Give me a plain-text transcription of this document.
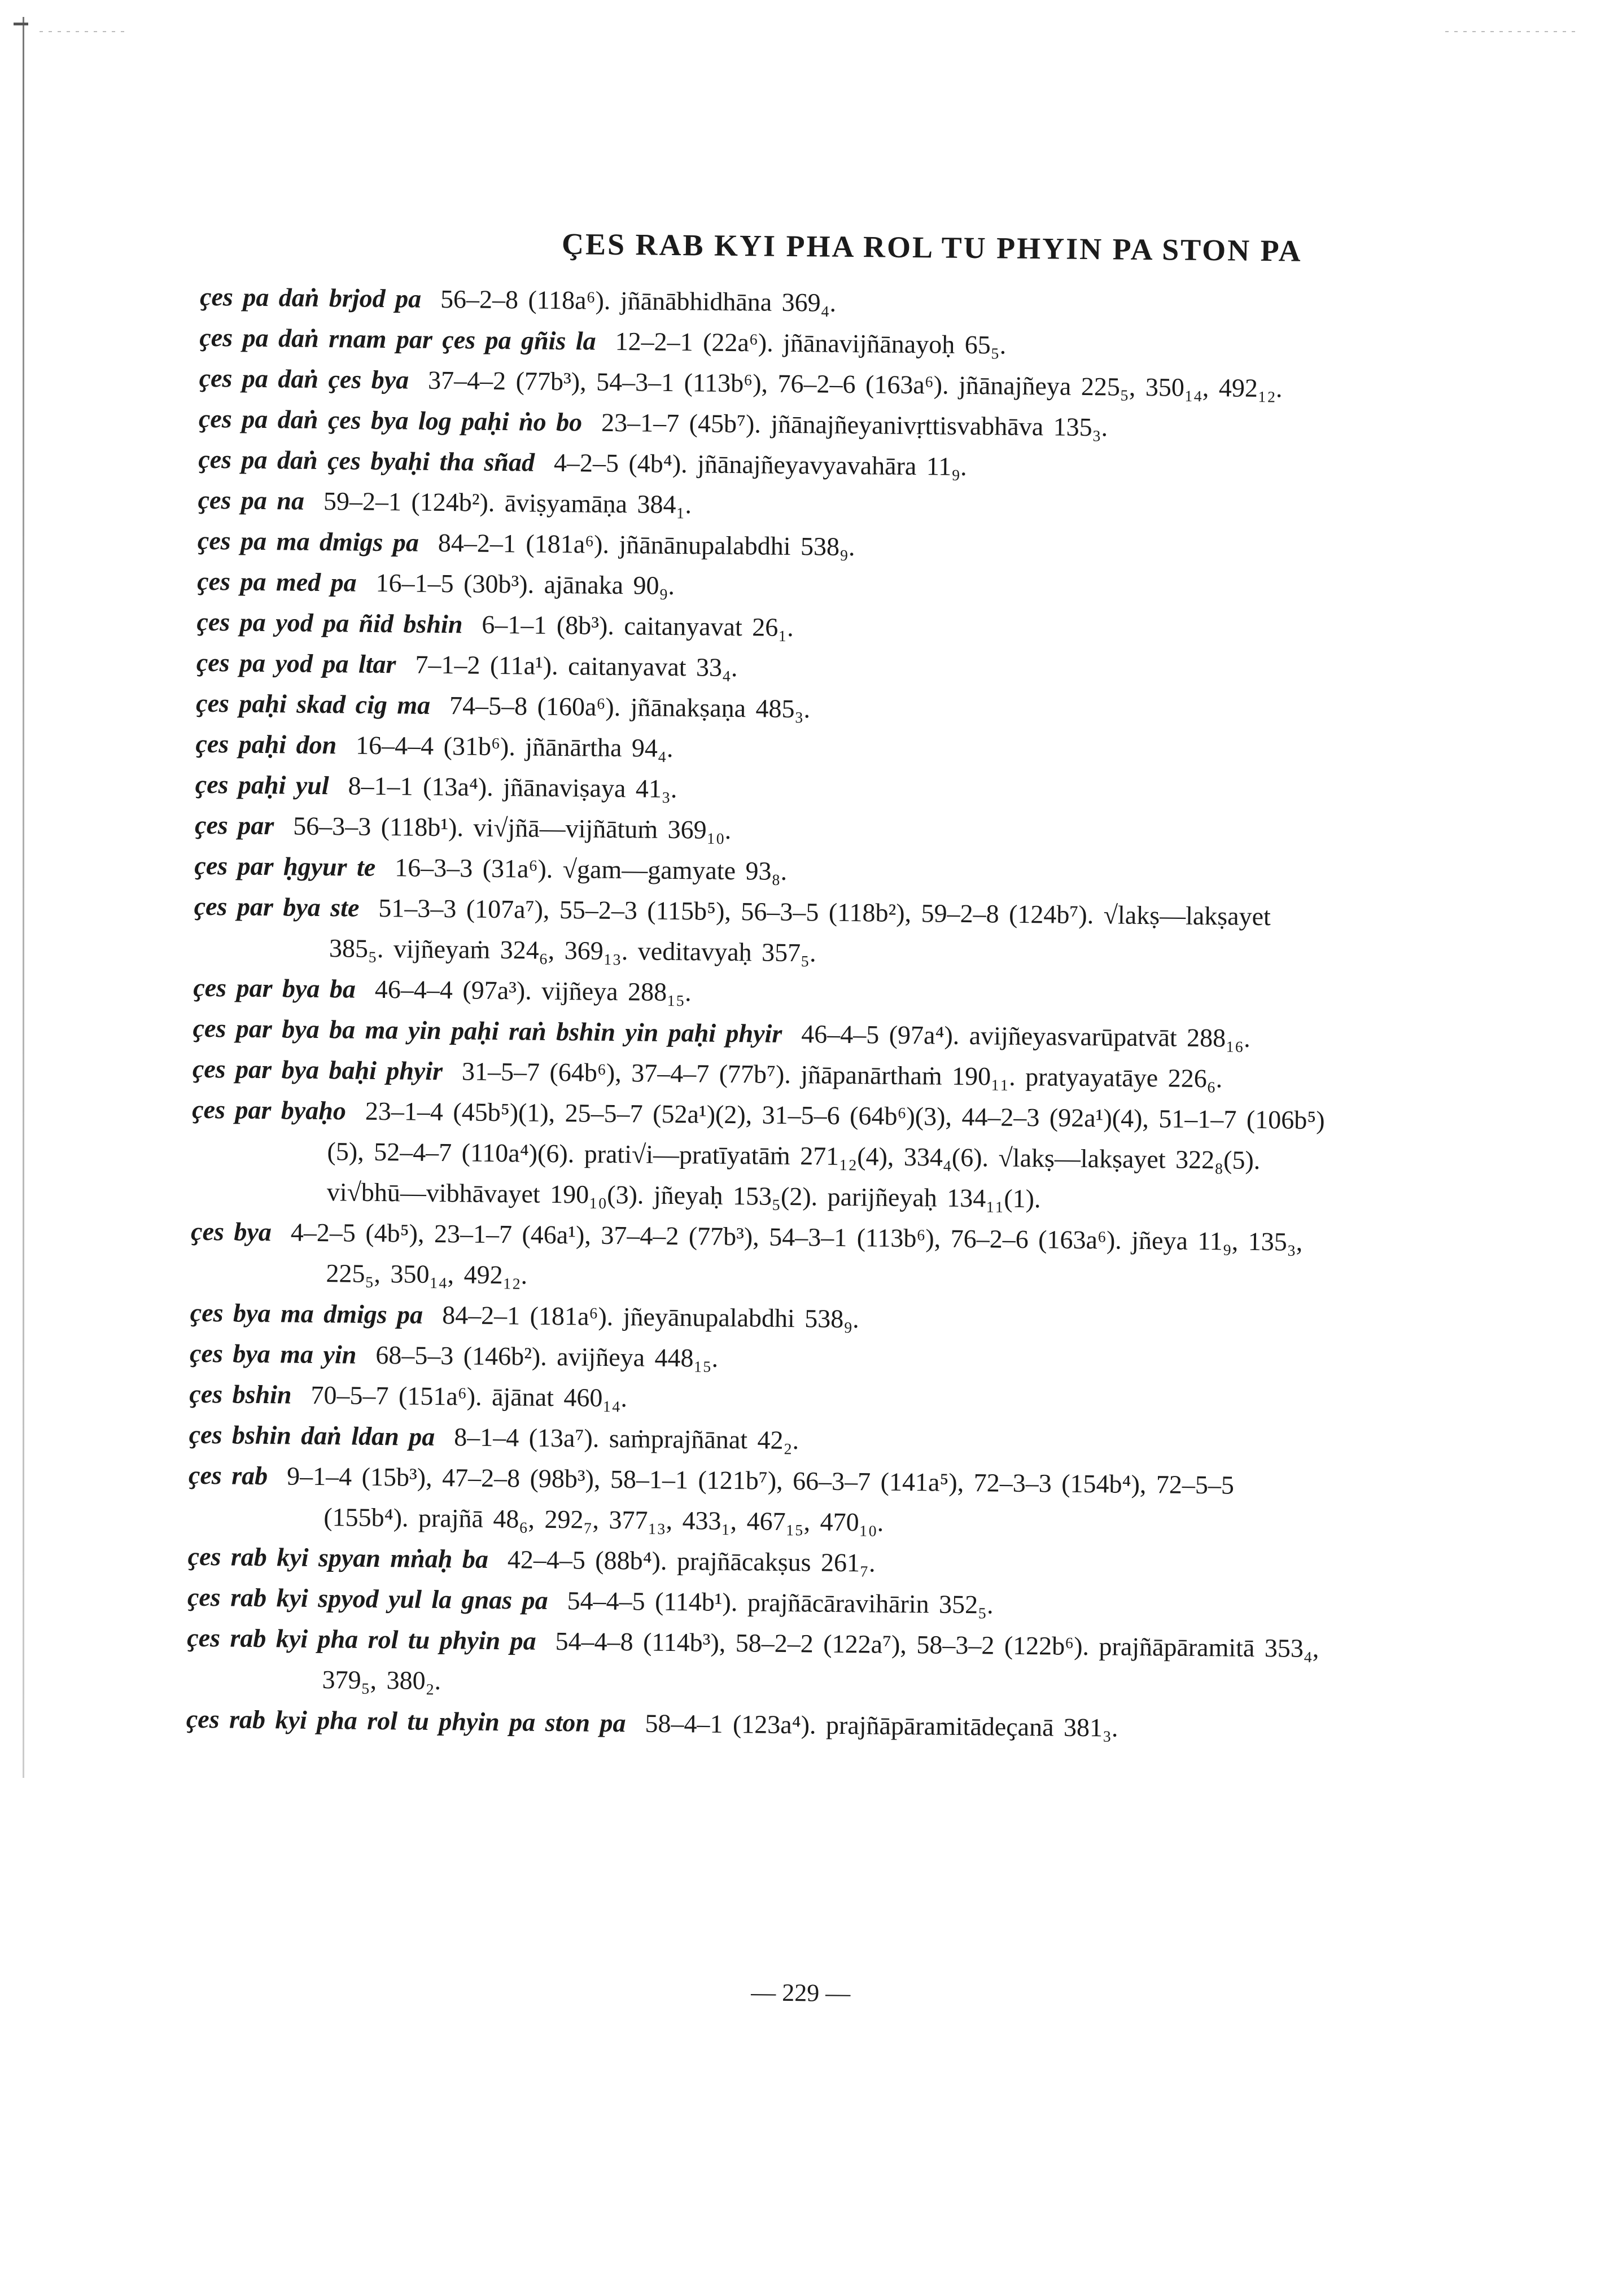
ÇES RAB KYI PHA ROL TU PHYIN PA STON PA
ҫes pa daṅ brjod pa 56–2–8 (118a⁶). jñānābhidhāna 369₄.
ҫes pa daṅ rnam par ҫes pa gñis la 12–2–1 (22a⁶). jñānavijñānayoḥ 65₅.
ҫes pa daṅ ҫes bya 37–4–2 (77b³), 54–3–1 (113b⁶), 76–2–6 (163a⁶). jñānajñeya 225₅, 350₁₄, 492₁₂.
ҫes pa daṅ ҫes bya log paḥi ṅo bo 23–1–7 (45b⁷). jñānajñeyanivṛttisvabhāva 135₃.
ҫes pa daṅ ҫes byaḥi tha sñad 4–2–5 (4b⁴). jñānajñeyavyavahāra 11₉.
ҫes pa na 59–2–1 (124b²). āviṣyamāṇa 384₁.
ҫes pa ma dmigs pa 84–2–1 (181a⁶). jñānānupalabdhi 538₉.
ҫes pa med pa 16–1–5 (30b³). ajānaka 90₉.
ҫes pa yod pa ñid bshin 6–1–1 (8b³). caitanyavat 26₁.
ҫes pa yod pa ltar 7–1–2 (11a¹). caitanyavat 33₄.
ҫes paḥi skad cig ma 74–5–8 (160a⁶). jñānakṣaṇa 485₃.
ҫes paḥi don 16–4–4 (31b⁶). jñānārtha 94₄.
ҫes paḥi yul 8–1–1 (13a⁴). jñānaviṣaya 41₃.
ҫes par 56–3–3 (118b¹). vi√jñā—vijñātuṁ 369₁₀.
ҫes par ḥgyur te 16–3–3 (31a⁶). √gam—gamyate 93₈.
ҫes par bya ste 51–3–3 (107a⁷), 55–2–3 (115b⁵), 56–3–5 (118b²), 59–2–8 (124b⁷). √lakṣ—lakṣayet 385₅. vijñeyaṁ 324₆, 369₁₃. veditavyaḥ 357₅.
ҫes par bya ba 46–4–4 (97a³). vijñeya 288₁₅.
ҫes par bya ba ma yin paḥi raṅ bshin yin paḥi phyir 46–4–5 (97a⁴). avijñeyasvarūpatvāt 288₁₆.
ҫes par bya baḥi phyir 31–5–7 (64b⁶), 37–4–7 (77b⁷). jñāpanārthaṁ 190₁₁. pratyayatāye 226₆.
ҫes par byaḥo 23–1–4 (45b⁵)(1), 25–5–7 (52a¹)(2), 31–5–6 (64b⁶)(3), 44–2–3 (92a¹)(4), 51–1–7 (106b⁵)(5), 52–4–7 (110a⁴)(6). prati√i—pratīyatāṁ 271₁₂(4), 334₄(6). √lakṣ—lakṣayet 322₈(5). vi√bhū—vibhāvayet 190₁₀(3). jñeyaḥ 153₅(2). parijñeyaḥ 134₁₁(1).
ҫes bya 4–2–5 (4b⁵), 23–1–7 (46a¹), 37–4–2 (77b³), 54–3–1 (113b⁶), 76–2–6 (163a⁶). jñeya 11₉, 135₃, 225₅, 350₁₄, 492₁₂.
ҫes bya ma dmigs pa 84–2–1 (181a⁶). jñeyānupalabdhi 538₉.
ҫes bya ma yin 68–5–3 (146b²). avijñeya 448₁₅.
ҫes bshin 70–5–7 (151a⁶). ājānat 460₁₄.
ҫes bshin daṅ ldan pa 8–1–4 (13a⁷). saṁprajñānat 42₂.
ҫes rab 9–1–4 (15b³), 47–2–8 (98b³), 58–1–1 (121b⁷), 66–3–7 (141a⁵), 72–3–3 (154b⁴), 72–5–5 (155b⁴). prajñā 48₆, 292₇, 377₁₃, 433₁, 467₁₅, 470₁₀.
ҫes rab kyi spyan mṅaḥ ba 42–4–5 (88b⁴). prajñācakṣus 261₇.
ҫes rab kyi spyod yul la gnas pa 54–4–5 (114b¹). prajñācāravihārin 352₅.
ҫes rab kyi pha rol tu phyin pa 54–4–8 (114b³), 58–2–2 (122a⁷), 58–3–2 (122b⁶). prajñāpāramitā 353₄, 379₅, 380₂.
ҫes rab kyi pha rol tu phyin pa ston pa 58–4–1 (123a⁴). prajñāpāramitādeҫanā 381₃.
— 229 —
